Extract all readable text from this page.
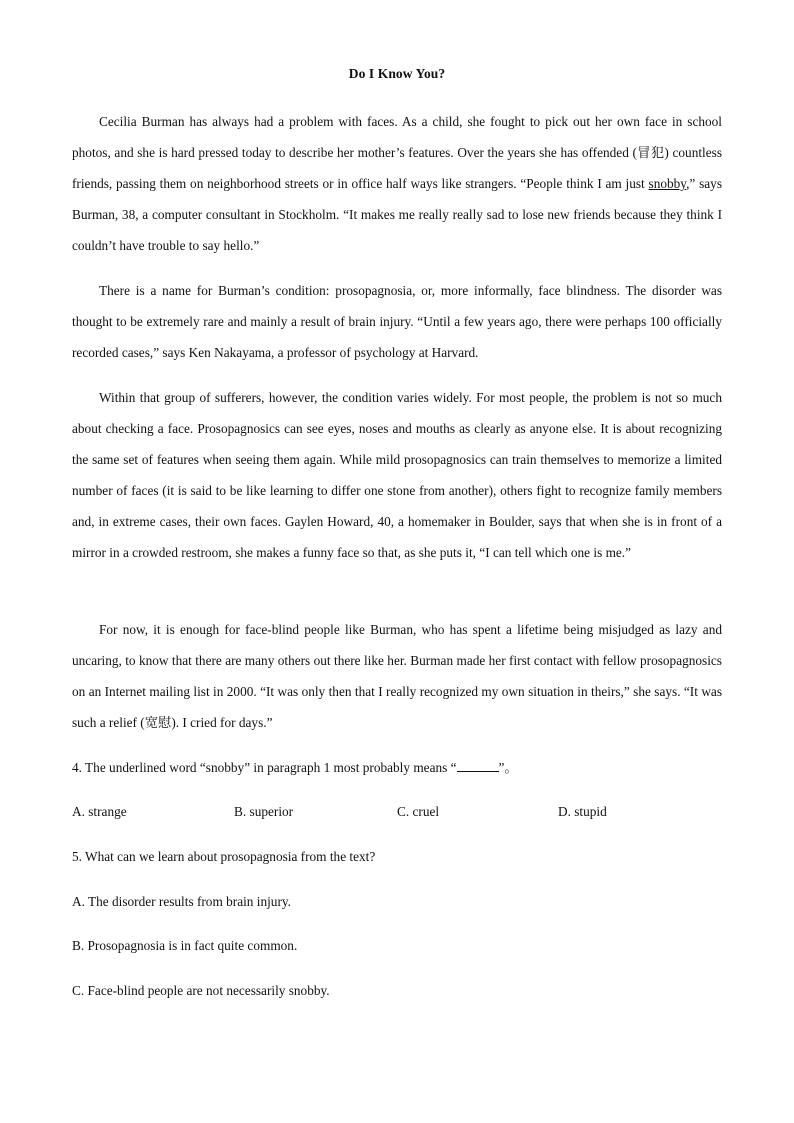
Do I Know You?

Cecilia Burman has always had a problem with faces. As a child, she fought to pick out her own face in school photos, and she is hard pressed today to describe her mother’s features. Over the years she has offended (冒犯) countless friends, passing them on neighborhood streets or in office half ways like strangers. “People think I am just snobby,” says Burman, 38, a computer consultant in Stockholm. “It makes me really really sad to lose new friends because they think I couldn’t have trouble to say hello.”

There is a name for Burman’s condition: prosopagnosia, or, more informally, face blindness. The disorder was thought to be extremely rare and mainly a result of brain injury. “Until a few years ago, there were perhaps 100 officially recorded cases,” says Ken Nakayama, a professor of psychology at Harvard.

Within that group of sufferers, however, the condition varies widely. For most people, the problem is not so much about checking a face. Prosopagnosics can see eyes, noses and mouths as clearly as anyone else. It is about recognizing the same set of features when seeing them again. While mild prosopagnosics can train themselves to memorize a limited number of faces (it is said to be like learning to differ one stone from another), others fight to recognize family members and, in extreme cases, their own faces. Gaylen Howard, 40, a homemaker in Boulder, says that when she is in front of a mirror in a crowded restroom, she makes a funny face so that, as she puts it, “I can tell which one is me.”

For now, it is enough for face-blind people like Burman, who has spent a lifetime being misjudged as lazy and uncaring, to know that there are many others out there like her. Burman made her first contact with fellow prosopagnosics on an Internet mailing list in 2000. “It was only then that I really recognized my own situation in theirs,” she says. “It was such a relief (宽慰). I cried for days.”

4. The underlined word “snobby” in paragraph 1 most probably means “	”。
A. strange	B. superior	C. cruel	D. stupid
5. What can we learn about prosopagnosia from the text?
A. The disorder results from brain injury.
B. Prosopagnosia is in fact quite common.
C. Face-blind people are not necessarily snobby.
